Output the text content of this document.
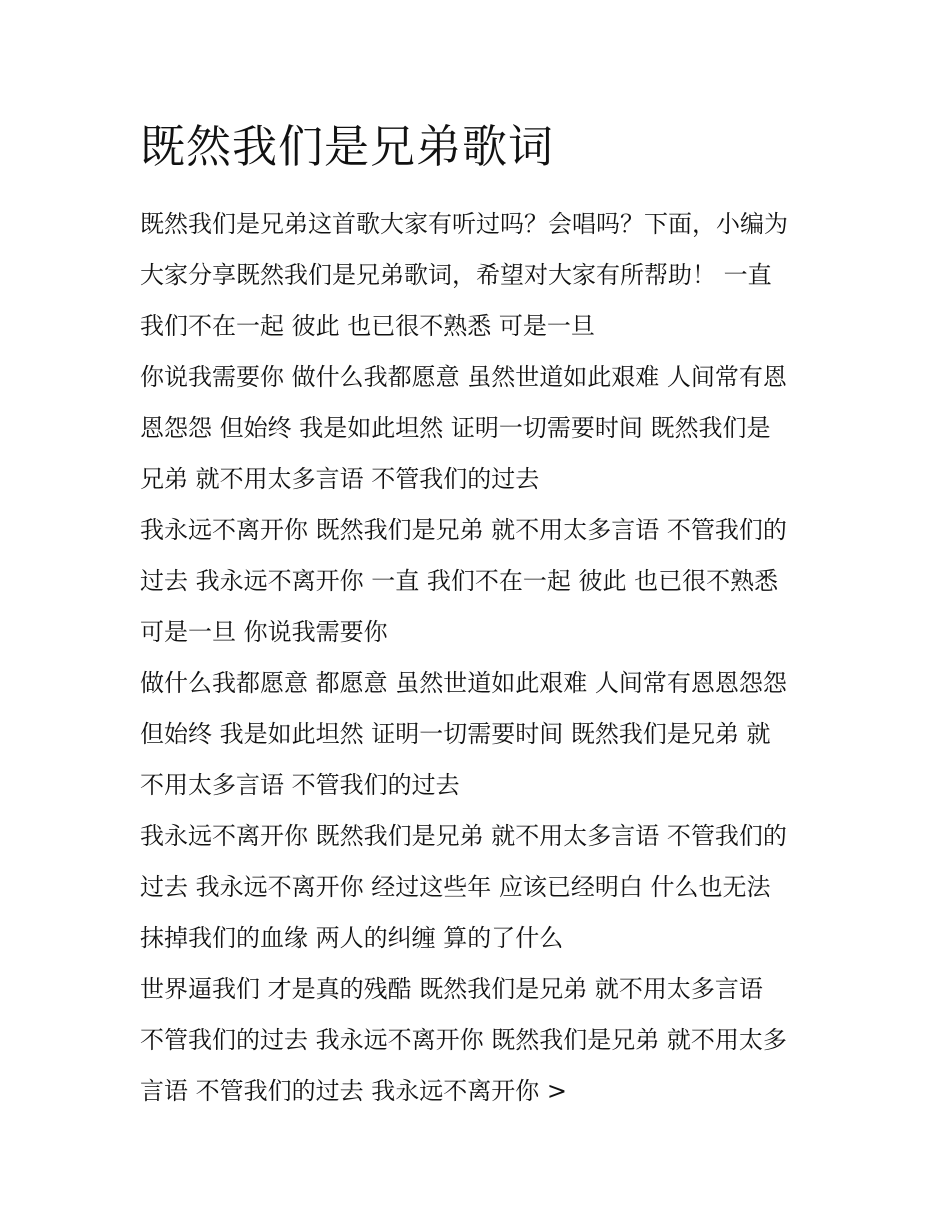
既然我们是兄弟歌词
既然我们是兄弟这首歌大家有听过吗？会唱吗？下面，小编为
大家分享既然我们是兄弟歌词，希望对大家有所帮助！ 一直
我们不在一起 彼此 也已很不熟悉 可是一旦
你说我需要你 做什么我都愿意 虽然世道如此艰难 人间常有恩
恩怨怨 但始终 我是如此坦然 证明一切需要时间 既然我们是
兄弟 就不用太多言语 不管我们的过去
我永远不离开你 既然我们是兄弟 就不用太多言语 不管我们的
过去 我永远不离开你 一直 我们不在一起 彼此 也已很不熟悉
可是一旦 你说我需要你
做什么我都愿意 都愿意 虽然世道如此艰难 人间常有恩恩怨怨
但始终 我是如此坦然 证明一切需要时间 既然我们是兄弟 就
不用太多言语 不管我们的过去
我永远不离开你 既然我们是兄弟 就不用太多言语 不管我们的
过去 我永远不离开你 经过这些年 应该已经明白 什么也无法
抹掉我们的血缘 两人的纠缠 算的了什么
世界逼我们 才是真的残酷 既然我们是兄弟 就不用太多言语
不管我们的过去 我永远不离开你 既然我们是兄弟 就不用太多
言语 不管我们的过去 我永远不离开你 >
